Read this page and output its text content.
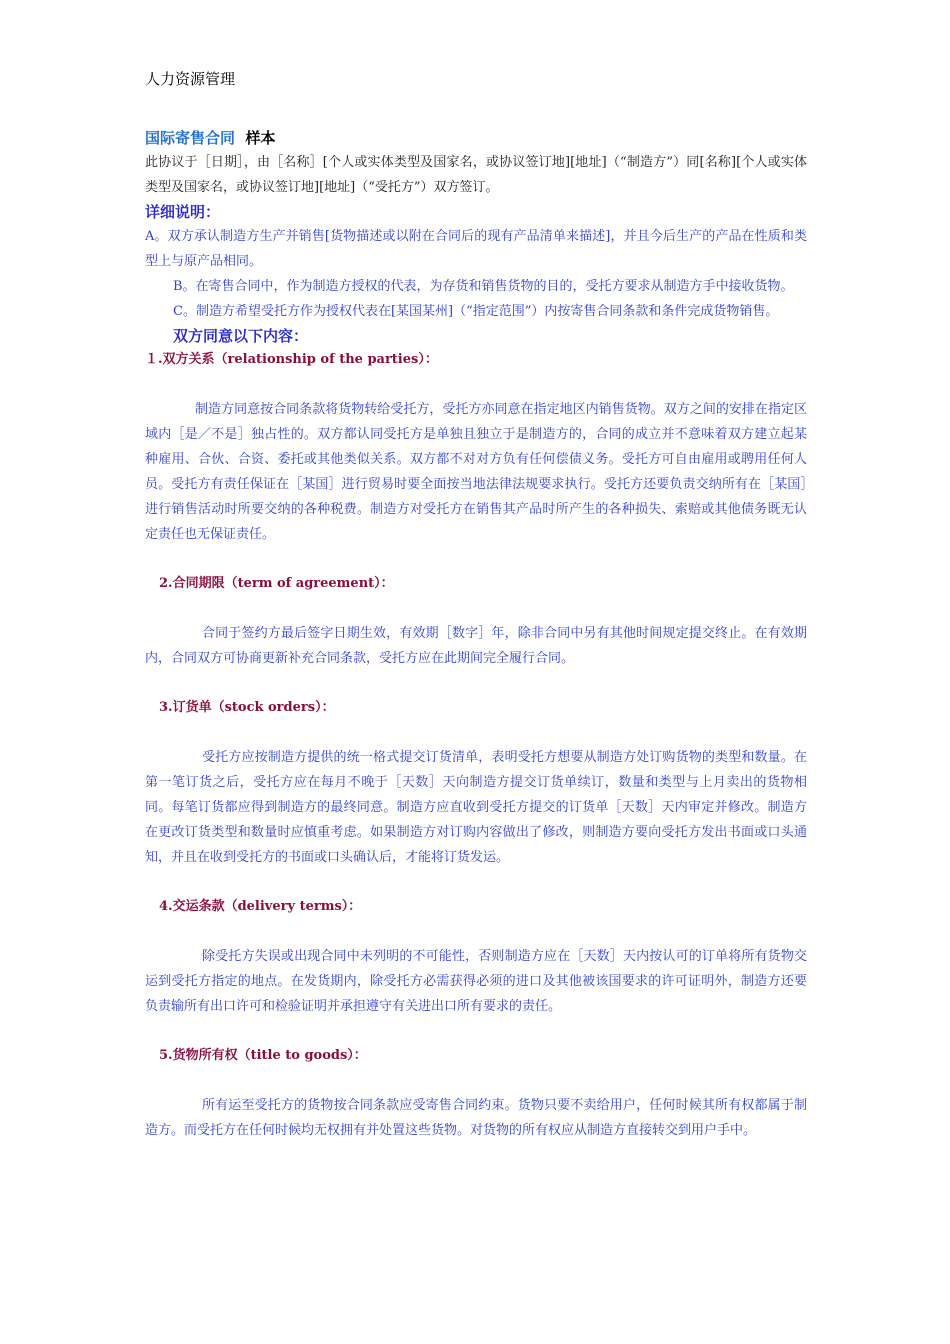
人力资源管理

国际寄售合同 样本

此协议于［日期］，由［名称］[个人或实体类型及国家名，或协议签订地][地址]（“制造方”）同[名称][个人或实体类型及国家名，或协议签订地][地址]（“受托方”）双方签订。

详细说明：

A。双方承认制造方生产并销售[货物描述或以附在合同后的现有产品清单来描述]，并且今后生产的产品在性质和类型上与原产品相同。

B。在寄售合同中，作为制造方授权的代表，为存货和销售货物的目的，受托方要求从制造方手中接收货物。

C。制造方希望受托方作为授权代表在[某国某州]（“指定范围”）内按寄售合同条款和条件完成货物销售。

双方同意以下内容：

１.双方关系（relationship of the parties）：

制造方同意按合同条款将货物转给受托方，受托方亦同意在指定地区内销售货物。双方之间的安排在指定区域内［是／不是］独占性的。双方都认同受托方是单独且独立于是制造方的，合同的成立并不意味着双方建立起某种雇用、合伙、合资、委托或其他类似关系。双方都不对对方负有任何偿债义务。受托方可自由雇用或聘用任何人员。受托方有责任保证在［某国］进行贸易时要全面按当地法律法规要求执行。受托方还要负责交纳所有在［某国］进行销售活动时所要交纳的各种税费。制造方对受托方在销售其产品时所产生的各种损失、索赔或其他债务既无认定责任也无保证责任。

2.合同期限（term of agreement）：

合同于签约方最后签字日期生效，有效期［数字］年，除非合同中另有其他时间规定提交终止。在有效期内，合同双方可协商更新补充合同条款，受托方应在此期间完全履行合同。

3.订货单（stock orders）：

受托方应按制造方提供的统一格式提交订货清单，表明受托方想要从制造方处订购货物的类型和数量。在第一笔订货之后，受托方应在每月不晚于［天数］天向制造方提交订货单续订，数量和类型与上月卖出的货物相同。每笔订货都应得到制造方的最终同意。制造方应直收到受托方提交的订货单［天数］天内审定并修改。制造方在更改订货类型和数量时应慎重考虑。如果制造方对订购内容做出了修改，则制造方要向受托方发出书面或口头通知，并且在收到受托方的书面或口头确认后，才能将订货发运。

4.交运条款（delivery terms）：

除受托方失误或出现合同中未列明的不可能性，否则制造方应在［天数］天内按认可的订单将所有货物交运到受托方指定的地点。在发货期内，除受托方必需获得必须的进口及其他被该国要求的许可证明外，制造方还要负责输所有出口许可和检验证明并承担遵守有关进出口所有要求的责任。

5.货物所有权（title to goods）：

所有运至受托方的货物按合同条款应受寄售合同约束。货物只要不卖给用户，任何时候其所有权都属于制造方。而受托方在任何时候均无权拥有并处置这些货物。对货物的所有权应从制造方直接转交到用户手中。
